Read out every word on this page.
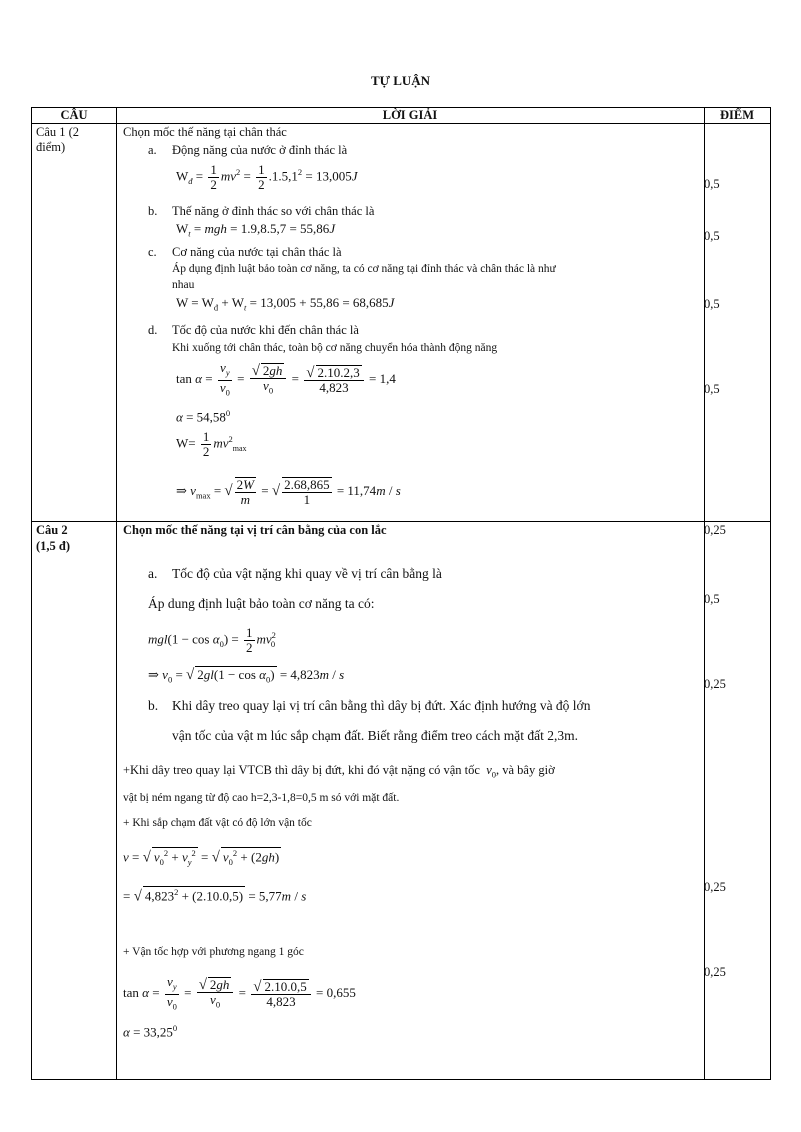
TỰ LUẬN
CÂU	LỜI GIẢI	ĐIỂM
Câu 1 (2
điểm)
Chọn mốc thế năng tại chân thác
a. Động năng của nước ở đỉnh thác là
$W_đ = \frac{1}{2} mv^2 = \frac{1}{2} .1.5,1^2 = 13,005J$
b. Thế năng ở đỉnh thác so với chân thác là
$W_t$ = mgh = 1.9,8.5,7 = 55,86J
c. Cơ năng của nước tại chân thác là
Áp dụng định luật bảo toàn cơ năng, ta có cơ năng tại đỉnh thác và chân thác là như
nhau
$W = W_đ + W_t = 13,005 + 55,86 = 68,685J$
d. Tốc độ của nước khi đến chân thác là
Khi xuống tới chân thác, toàn bộ cơ năng chuyển hóa thành động năng
$\tan \alpha = \frac{v_y}{v_0} = \frac{√ 2gh}{v_0} = \frac{√ 2.10.2,3}{4,823} = 1,4$
$\alpha = 54,58^0$
$W= \frac{1}{2} mv^2_{max}$
⇒ $v_{max}$ = √ $\frac{2W}{m}$ = √ $\frac{2.68,865}{1} = 11,74m / s$
0,5
0,5
0,5
0,5
Câu 2
(1,5 đ)
Chọn mốc thế năng tại vị trí cân bằng của con lắc
a. Tốc độ của vật nặng khi quay về vị trí cân bằng là
Áp dung định luật bảo toàn cơ năng ta có:
$mgl(1 - \cos \alpha_0) = \frac{1}{2} mv^2_0$
⇒ $v_0$ = √ $2gl(1 - \cos \alpha_0) = 4,823m / s$
b. Khi dây treo quay lại vị trí cân bằng thì dây bị đứt. Xác định hướng và độ lớn
vận tốc của vật m lúc sắp chạm đất. Biết rằng điểm treo cách mặt đất 2,3m.
+Khi dây treo quay lại VTCB thì dây bị đứt, khi đó vật nặng có vận tốc  $v_0$, và bây giờ
vật bị ném ngang từ độ cao h=2,3-1,8=0,5 m só với mặt đất.
+ Khi sắp chạm đất vật có độ lớn vận tốc
v = √ $v_0^2 + v_y^2$ = √ $v_0^2 + (2gh)$
= √ $4,823^2 + (2.10.0,5) = 5,77m / s$
+ Vận tốc hợp với phương ngang 1 góc
$\tan \alpha = \frac{v_y}{v_0} = \frac{√ 2gh}{v_0} = \frac{√ 2.10.0,5}{4,823} = 0,655$
$\alpha = 33,25^0$
0,25
0,5
0,25
0,25
0,25
